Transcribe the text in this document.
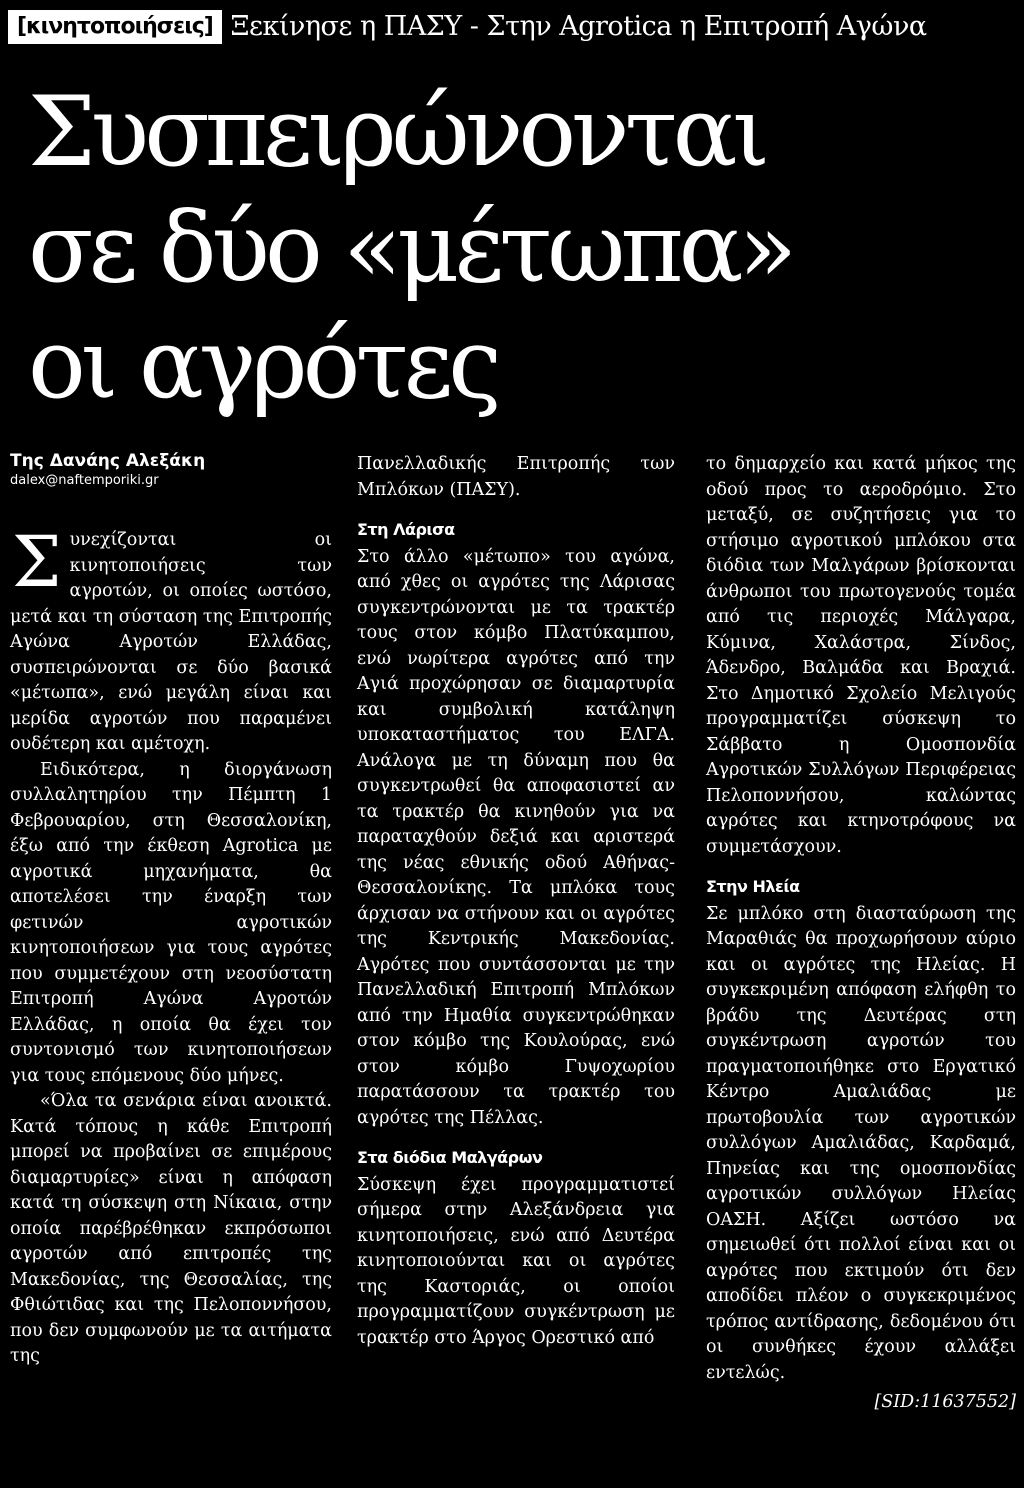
[κινητοποιήσεις] Ξεκίνησε η ΠΑΣΥ - Στην Agrotica η Επιτροπή Αγώνα
Συσπειρώνονται
σε δύο «μέτωπα»
οι αγρότες
Της Δανάης Αλεξάκη
dalex@naftemporiki.gr

Συνεχίζονται οι κινητοποιήσεις των αγροτών, οι οποίες ωστόσο, μετά και τη σύσταση της Επιτροπής Αγώνα Αγροτών Ελλάδας, συσπειρώνονται σε δύο βασικά «μέτωπα», ενώ μεγάλη είναι και μερίδα αγροτών που παραμένει ουδέτερη και αμέτοχη.

Ειδικότερα, η διοργάνωση συλλαλητηρίου την Πέμπτη 1 Φεβρουαρίου, στη Θεσσαλονίκη, έξω από την έκθεση Agrotica με αγροτικά μηχανήματα, θα αποτελέσει την έναρξη των φετινών αγροτικών κινητοποιήσεων για τους αγρότες που συμμετέχουν στη νεοσύστατη Επιτροπή Αγώνα Αγροτών Ελλάδας, η οποία θα έχει τον συντονισμό των κινητοποιήσεων για τους επόμενους δύο μήνες.

«Όλα τα σενάρια είναι ανοικτά. Κατά τόπους η κάθε Επιτροπή μπορεί να προβαίνει σε επιμέρους διαμαρτυρίες» είναι η απόφαση κατά τη σύσκεψη στη Νίκαια, στην οποία παρέβρέθηκαν εκπρόσωποι αγροτών από επιτροπές της Μακεδονίας, της Θεσσαλίας, της Φθιώτιδας και της Πελοποννήσου, που δεν συμφωνούν με τα αιτήματα της

Πανελλαδικής Επιτροπής των Μπλόκων (ΠΑΣΥ).

Στη Λάρισα

Στο άλλο «μέτωπο» του αγώνα, από χθες οι αγρότες της Λάρισας συγκεντρώνονται με τα τρακτέρ τους στον κόμβο Πλατύκαμπου, ενώ νωρίτερα αγρότες από την Αγιά προχώρησαν σε διαμαρτυρία και συμβολική κατάληψη υποκαταστήματος του ΕΛΓΑ. Ανάλογα με τη δύναμη που θα συγκεντρωθεί θα αποφασιστεί αν τα τρακτέρ θα κινηθούν για να παραταχθούν δεξιά και αριστερά της νέας εθνικής οδού Αθήνας-Θεσσαλονίκης. Τα μπλόκα τους άρχισαν να στήνουν και οι αγρότες της Κεντρικής Μακεδονίας. Αγρότες που συντάσσονται με την Πανελλαδική Επιτροπή Μπλόκων από την Ημαθία συγκεντρώθηκαν στον κόμβο της Κουλούρας, ενώ στον κόμβο Γυψοχωρίου παρατάσσουν τα τρακτέρ του αγρότες της Πέλλας.

Στα διόδια Μαλγάρων

Σύσκεψη έχει προγραμματιστεί σήμερα στην Αλεξάνδρεια για κινητοποιήσεις, ενώ από Δευτέρα κινητοποιούνται και οι αγρότες της Καστοριάς, οι οποίοι προγραμματίζουν συγκέντρωση με τρακτέρ στο Άργος Ορεστικό από

το δημαρχείο και κατά μήκος της οδού προς το αεροδρόμιο. Στο μεταξύ, σε συζητήσεις για το στήσιμο αγροτικού μπλόκου στα διόδια των Μαλγάρων βρίσκονται άνθρωποι του πρωτογενούς τομέα από τις περιοχές Μάλγαρα, Κύμινα, Χαλάστρα, Σίνδος, Άδενδρο, Βαλμάδα και Βραχιά. Στο Δημοτικό Σχολείο Μελιγούς προγραμματίζει σύσκεψη το Σάββατο η Ομοσπονδία Αγροτικών Συλλόγων Περιφέρειας Πελοποννήσου, καλώντας αγρότες και κτηνοτρόφους να συμμετάσχουν.

Στην Ηλεία

Σε μπλόκο στη διασταύρωση της Μαραθιάς θα προχωρήσουν αύριο και οι αγρότες της Ηλείας. Η συγκεκριμένη απόφαση ελήφθη το βράδυ της Δευτέρας στη συγκέντρωση αγροτών του πραγματοποιήθηκε στο Εργατικό Κέντρο Αμαλιάδας με πρωτοβουλία των αγροτικών συλλόγων Αμαλιάδας, Καρδαμά, Πηνείας και της ομοσπονδίας αγροτικών συλλόγων Ηλείας ΟΑΣΗ. Αξίζει ωστόσο να σημειωθεί ότι πολλοί είναι και οι αγρότες που εκτιμούν ότι δεν αποδίδει πλέον ο συγκεκριμένος τρόπος αντίδρασης, δεδομένου ότι οι συνθήκες έχουν αλλάξει εντελώς.

[SID:11637552]
